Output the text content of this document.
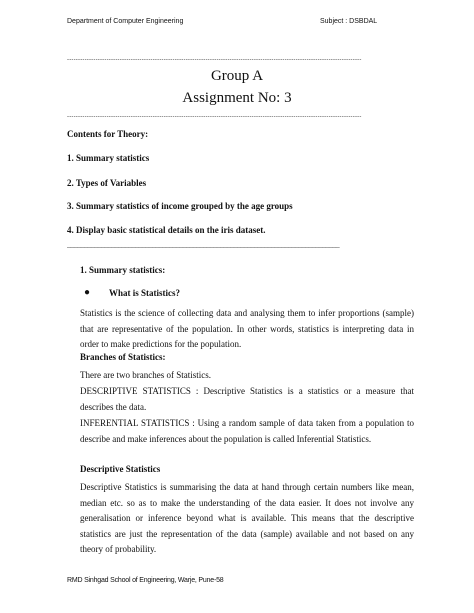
Department of Computer Engineering	Subject : DSBDAL
--------------------------------------------------------------------------------------------------------------------------------------
Group A
Assignment No: 3
--------------------------------------------------------------------------------------------------------------------------------------
Contents for Theory:
1. Summary statistics
2. Types of Variables
3. Summary statistics of income grouped by the age groups
4. Display basic statistical details on the iris dataset.
________________________________________________________________________________
1. Summary statistics:
● What is Statistics?

Statistics is the science of collecting data and analysing them to infer proportions (sample) that are representative of the population. In other words, statistics is interpreting data in order to make predictions for the population.

Branches of Statistics:

There are two branches of Statistics.

DESCRIPTIVE STATISTICS : Descriptive Statistics is a statistics or a measure that describes the data.

INFERENTIAL STATISTICS : Using a random sample of data taken from a population to describe and make inferences about the population is called Inferential Statistics.

Descriptive Statistics

Descriptive Statistics is summarising the data at hand through certain numbers like mean, median etc. so as to make the understanding of the data easier. It does not involve any generalisation or inference beyond what is available. This means that the descriptive statistics are just the representation of the data (sample) available and not based on any theory of probability.

RMD Sinhgad School of Engineering, Warje, Pune-58
